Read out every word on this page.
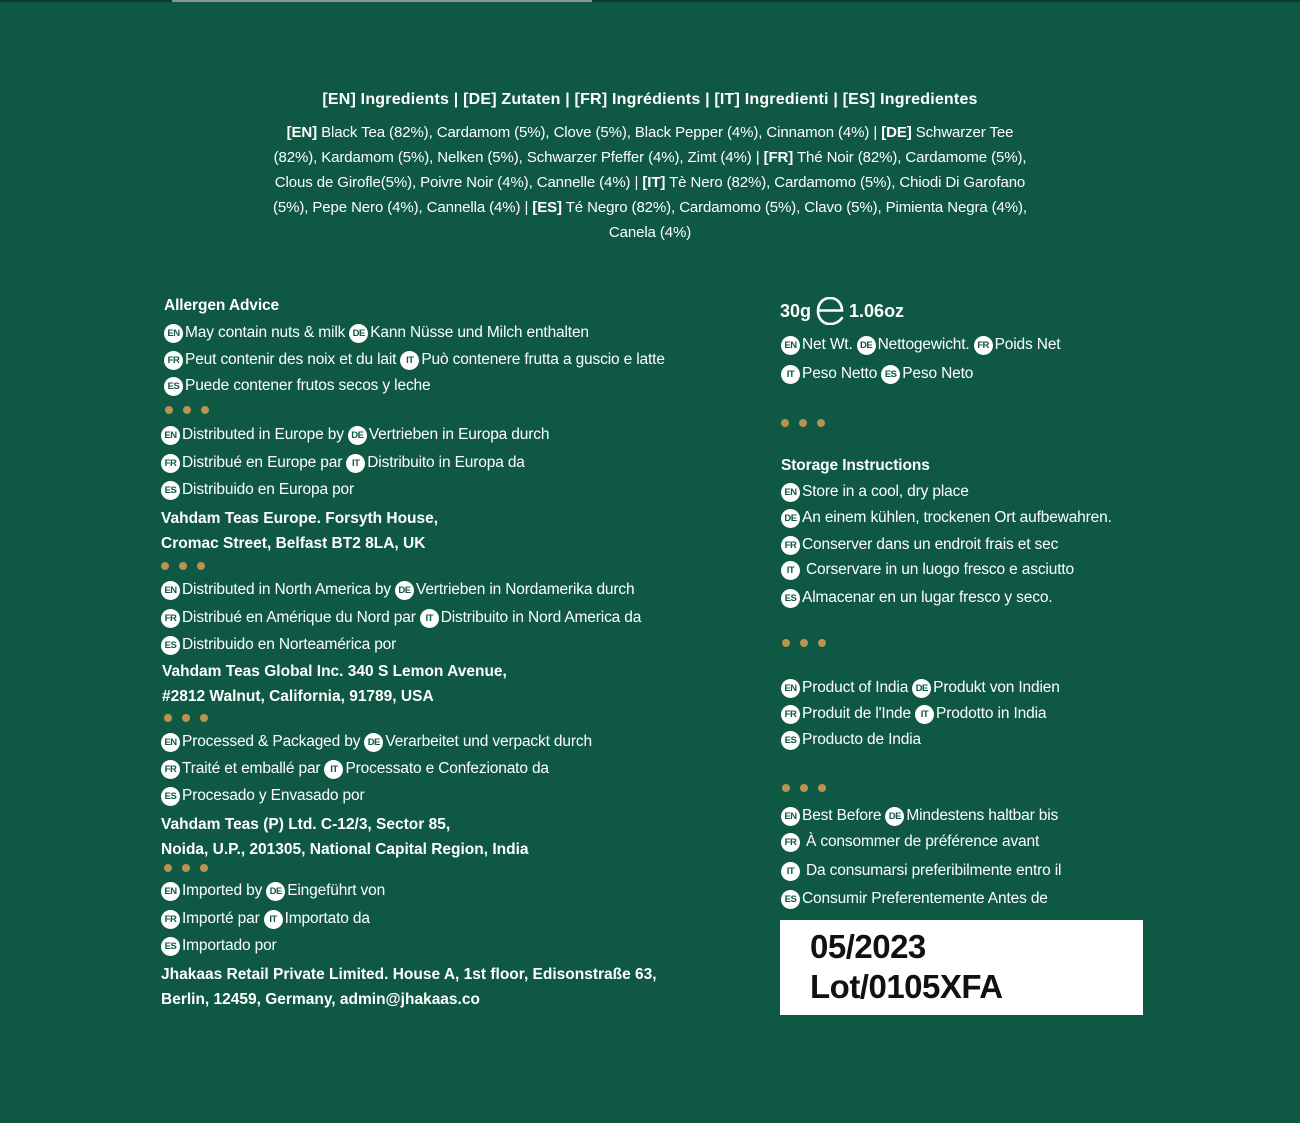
[EN] Ingredients | [DE] Zutaten | [FR] Ingrédients | [IT] Ingredienti | [ES] Ingredientes
[EN] Black Tea (82%), Cardamom (5%), Clove (5%), Black Pepper (4%), Cinnamon (4%) | [DE] Schwarzer Tee (82%), Kardamom (5%), Nelken (5%), Schwarzer Pfeffer (4%), Zimt (4%) | [FR] Thé Noir (82%), Cardamome (5%), Clous de Girofle(5%), Poivre Noir (4%), Cannelle (4%) | [IT] Tè Nero (82%), Cardamomo (5%), Chiodi Di Garofano (5%), Pepe Nero (4%), Cannella (4%) | [ES] Té Negro (82%), Cardamomo (5%), Clavo (5%), Pimienta Negra (4%), Canela (4%)
Allergen Advice
EN May contain nuts & milk DE Kann Nüsse und Milch enthalten
FR Peut contenir des noix et du lait	IT Può contenere frutta a guscio e latte
ES Puede contener frutos secos y leche
EN Distributed in Europe by DE Vertrieben in Europa durch
FR Distribué en Europe par	IT Distribuito in Europa da
ES Distribuido en Europa por
Vahdam Teas Europe. Forsyth House,
Cromac Street, Belfast BT2 8LA, UK
EN Distributed in North America by DE Vertrieben in Nordamerika durch
FR Distribué en Amérique du Nord par	IT Distribuito in Nord America da
ES Distribuido en Norteamérica por
Vahdam Teas Global Inc. 340 S Lemon Avenue,
#2812 Walnut, California, 91789, USA
EN Processed & Packaged by DE Verarbeitet und verpackt durch
FR Traité et emballé par	IT Processato e Confezionato da
ES Procesado y Envasado por
Vahdam Teas (P) Ltd. C-12/3, Sector 85,
Noida, U.P., 201305, National Capital Region, India
EN Imported by DE Eingeführt von
FR Importé par	IT Importato da
ES Importado por
Jhakaas Retail Private Limited. House A, 1st floor, Edisonstraße 63,
Berlin, 12459, Germany, admin@jhakaas.co
30g 1.06oz
EN Net Wt. DE Nettogewicht. FR Poids Net
IT Peso Netto ES Peso Neto
Storage Instructions
EN Store in a cool, dry place
DE An einem kühlen, trockenen Ort aufbewahren.
FR Conserver dans un endroit frais et sec
IT Corservare in un luogo fresco e asciutto
ES Almacenar en un lugar fresco y seco.
EN Product of India DE Produkt von Indien
FR Produit de l'Inde	IT Prodotto in India
ES Producto de India
EN Best Before DE Mindestens haltbar bis
FR À consommer de préférence avant
IT Da consumarsi preferibilmente entro il
ES Consumir Preferentemente Antes de
05/2023
Lot/0105XFA
